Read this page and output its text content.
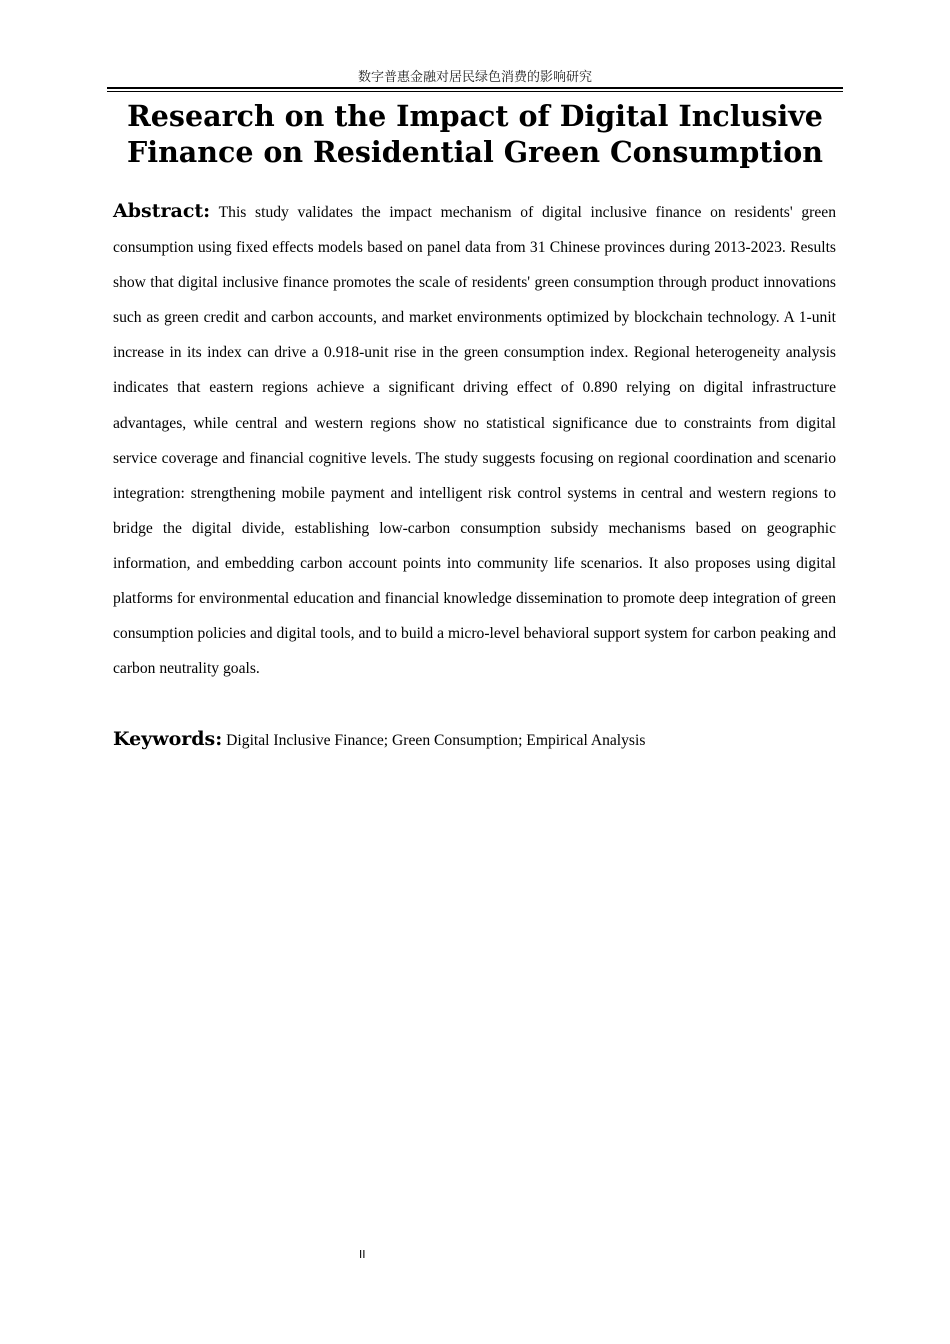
数字普惠金融对居民绿色消费的影响研究
Research on the Impact of Digital Inclusive
Finance on Residential Green Consumption

Abstract: This study validates the impact mechanism of digital inclusive finance on residents' green consumption using fixed effects models based on panel data from 31 Chinese provinces during 2013-2023. Results show that digital inclusive finance promotes the scale of residents' green consumption through product innovations such as green credit and carbon accounts, and market environments optimized by blockchain technology. A 1-unit increase in its index can drive a 0.918-unit rise in the green consumption index. Regional heterogeneity analysis indicates that eastern regions achieve a significant driving effect of 0.890 relying on digital infrastructure advantages, while central and western regions show no statistical significance due to constraints from digital service coverage and financial cognitive levels. The study suggests focusing on regional coordination and scenario integration: strengthening mobile payment and intelligent risk control systems in central and western regions to bridge the digital divide, establishing low-carbon consumption subsidy mechanisms based on geographic information, and embedding carbon account points into community life scenarios. It also proposes using digital platforms for environmental education and financial knowledge dissemination to promote deep integration of green consumption policies and digital tools, and to build a micro-level behavioral support system for carbon peaking and carbon neutrality goals.

Keywords: Digital Inclusive Finance; Green Consumption; Empirical Analysis

II
